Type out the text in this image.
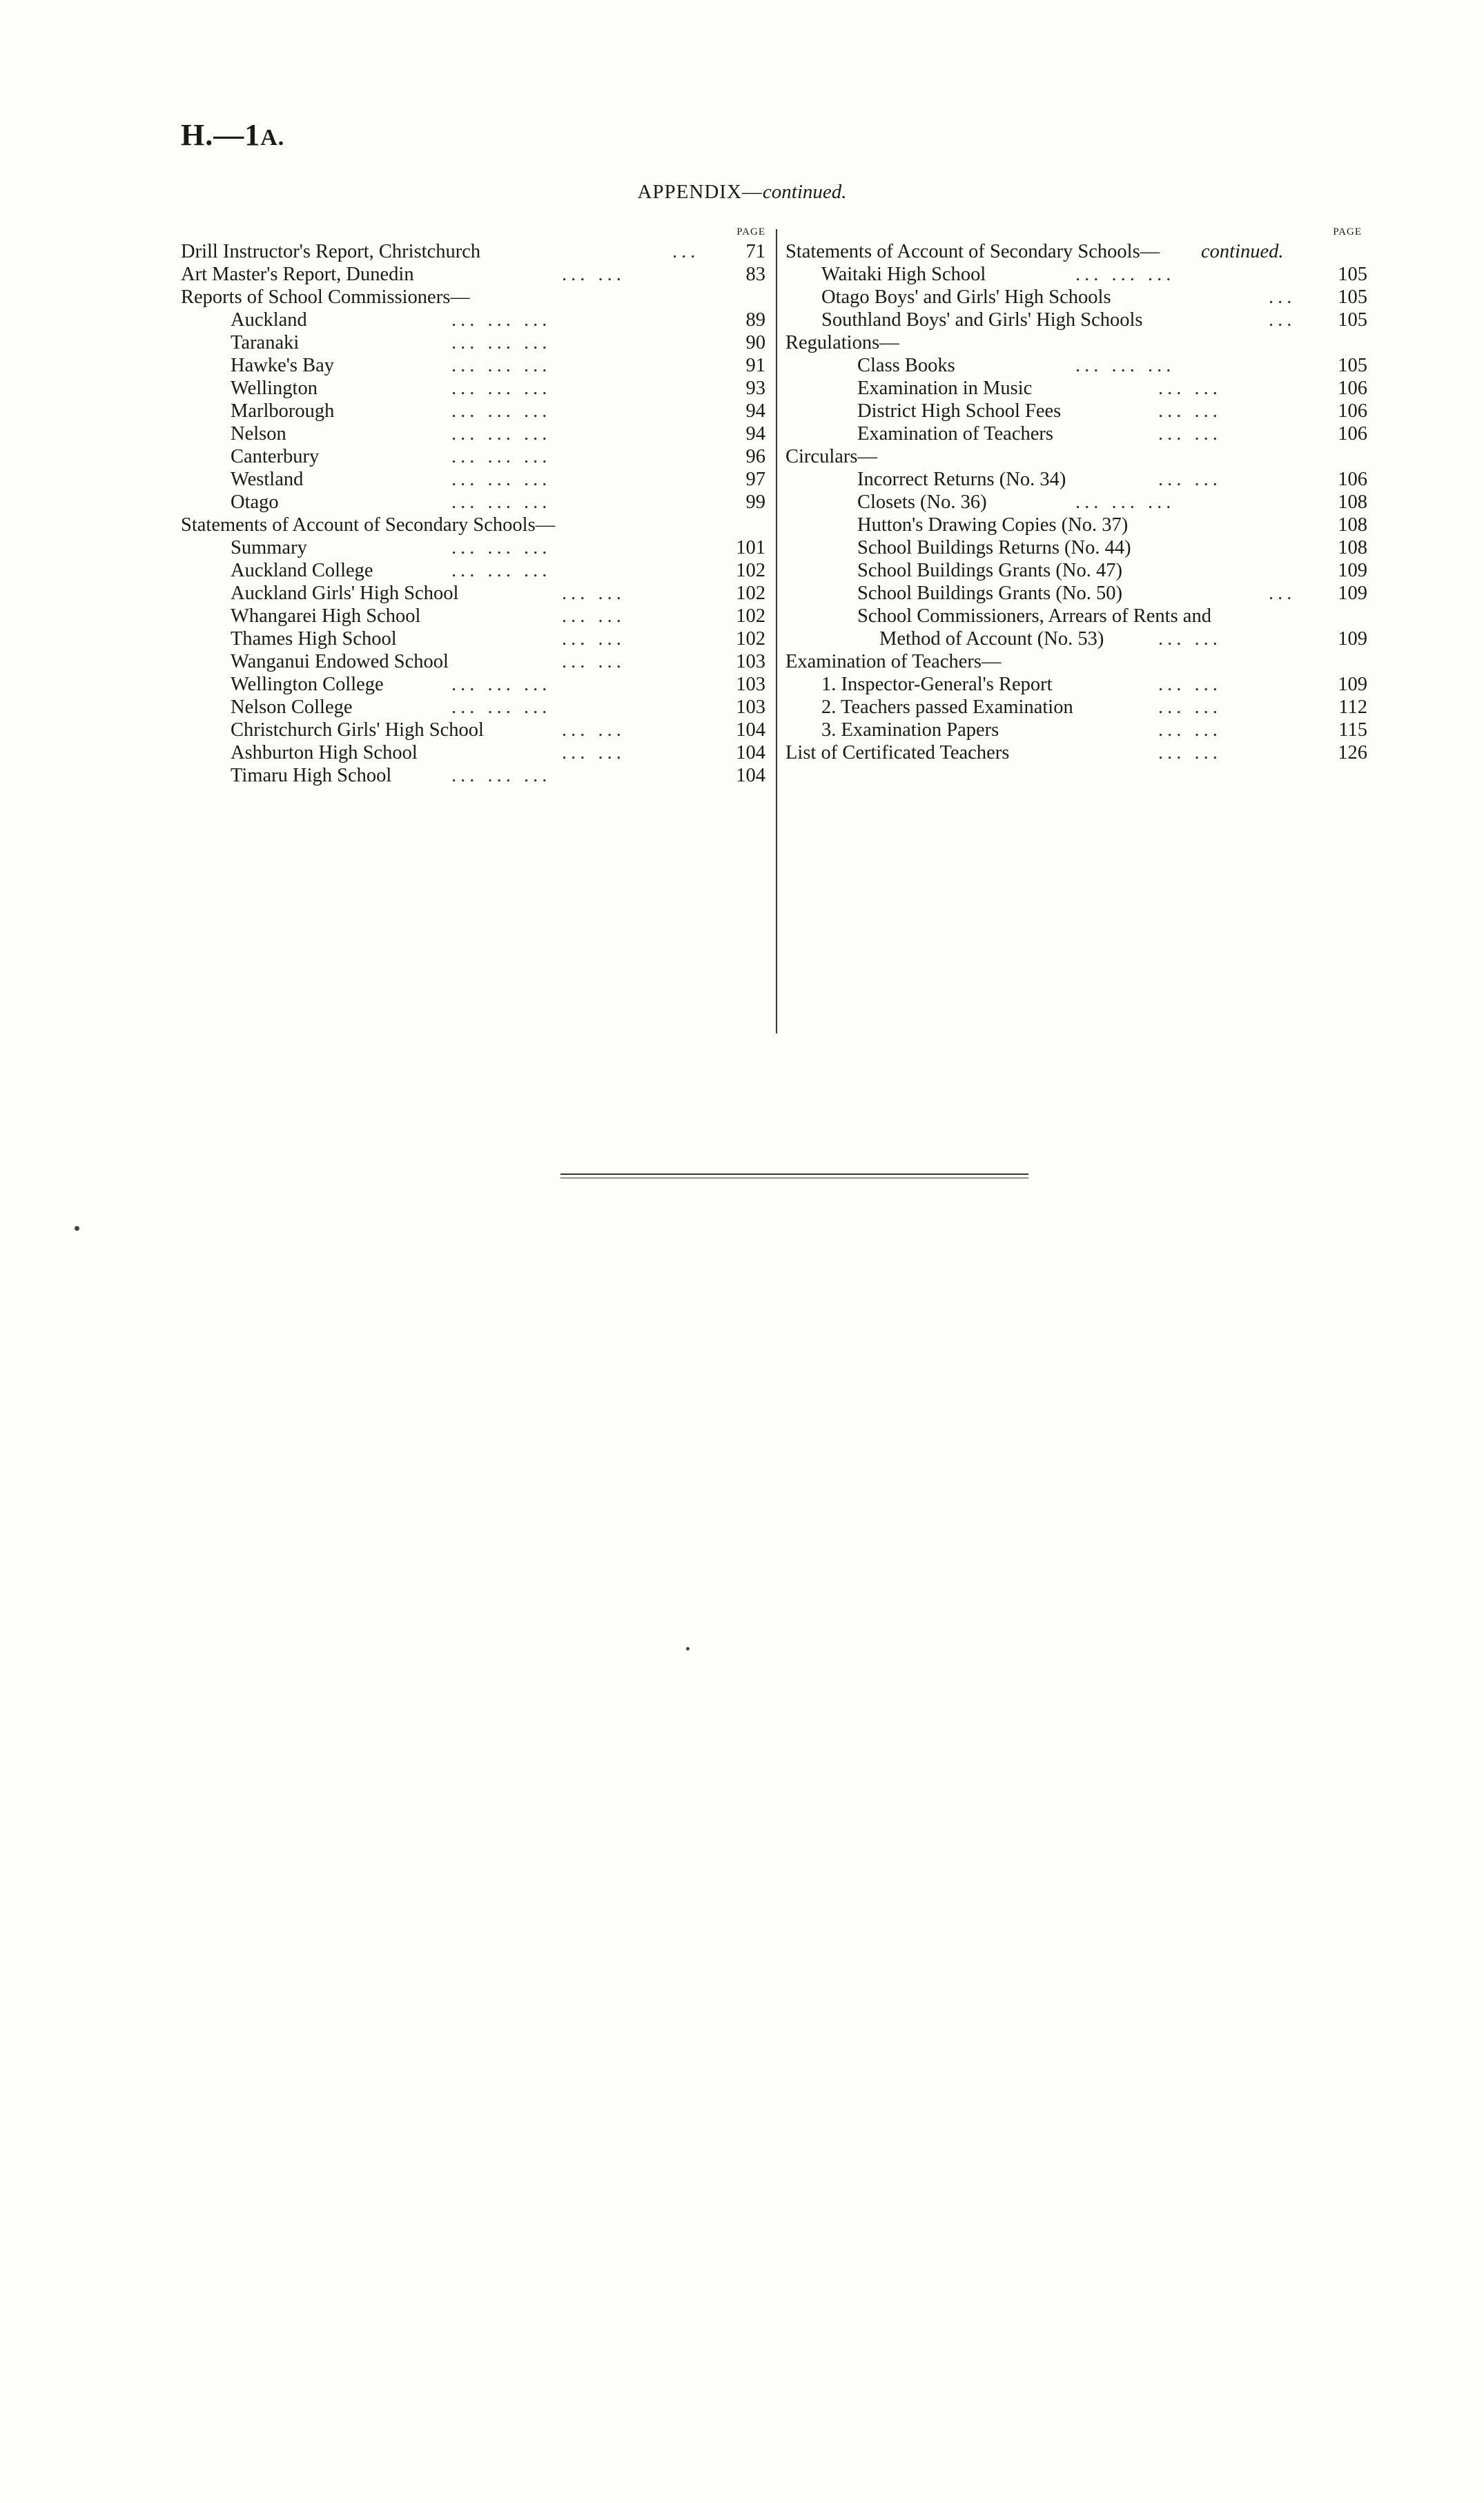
H.—1A.
APPENDIX—continued.
PAGE
Drill Instructor's Report, Christchurch	... 71
Art Master's Report, Dunedin	... ...	83
Reports of School Commissioners—
Auckland	... ... ...	89
Taranaki	... ... ...	90
Hawke's Bay	... ... ...	91
Wellington	... ... ...	93
Marlborough	... ... ...	94
Nelson	... ... ...	94
Canterbury	... ... ...	96
Westland	... ... ...	97
Otago	... ... ...	99
Statements of Account of Secondary Schools—
Summary	... ... ...	101
Auckland College	... ... ...	102
Auckland Girls' High School	... ...	102
Whangarei High School	... ...	102
Thames High School	... ...	102
Wanganui Endowed School	... ...	103
Wellington College	... ... ...	103
Nelson College	... ... ...	103
Christchurch Girls' High School	... ...	104
Ashburton High School	... ...	104
Timaru High School	... ... ...	104
PAGE
Statements of Account of Secondary Schools— continued.
Waitaki High School	... ... ...	105
Otago Boys' and Girls' High Schools	... 105
Southland Boys' and Girls' High Schools	... 105
Regulations—
Class Books	... ... ...	105
Examination in Music	... ...	106
District High School Fees	... ...	106
Examination of Teachers	... ...	106
Circulars—
Incorrect Returns (No. 34)	... ...	106
Closets (No. 36)	... ... ...	108
Hutton's Drawing Copies (No. 37)	108
School Buildings Returns (No. 44)	108
School Buildings Grants (No. 47)	109
School Buildings Grants (No. 50)	... 109
School Commissioners, Arrears of Rents and
Method of Account (No. 53)	... ...	109
Examination of Teachers—
1. Inspector-General's Report	... ...	109
2. Teachers passed Examination	... ...	112
3. Examination Papers	... ...	115
List of Certificated Teachers	... ...	126
